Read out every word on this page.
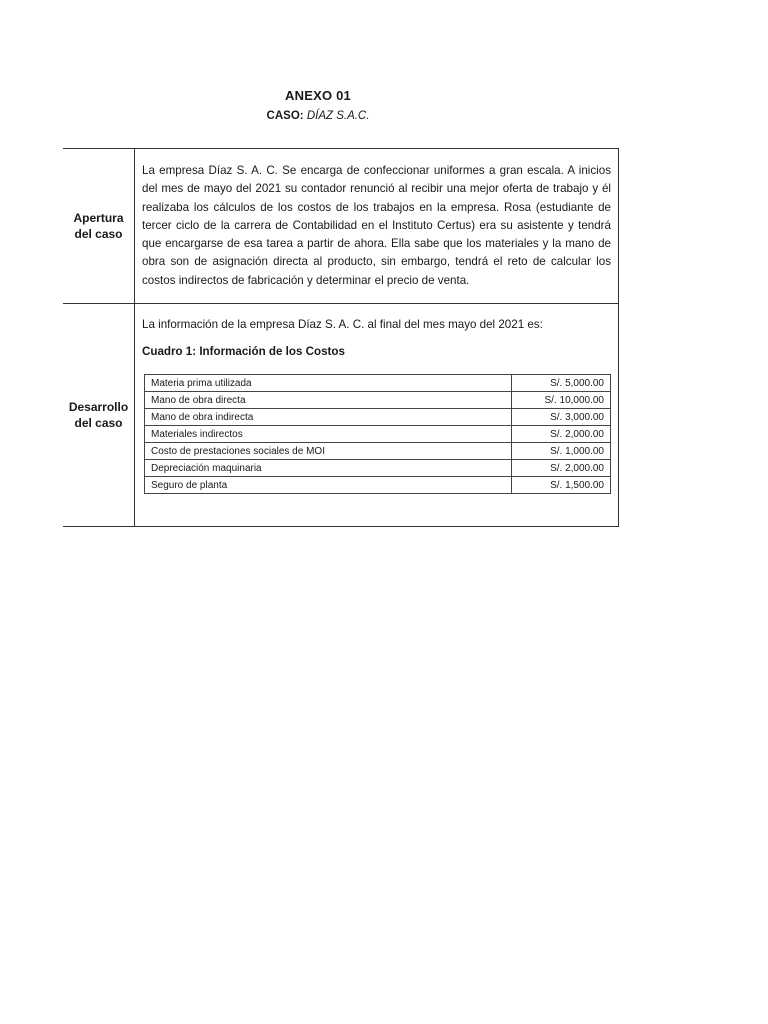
ANEXO 01
CASO: DÍAZ S.A.C.
Apertura
del caso	

La empresa Díaz S. A. C. Se encarga de confeccionar uniformes a gran escala. A inicios del mes de mayo del 2021 su contador renunció al recibir una mejor oferta de trabajo y él realizaba los cálculos de los costos de los trabajos en la empresa. Rosa (estudiante de tercer ciclo de la carrera de Contabilidad en el Instituto Certus) era su asistente y tendrá que encargarse de esa tarea a partir de ahora. Ella sabe que los materiales y la mano de obra son de asignación directa al producto, sin embargo, tendrá el reto de calcular los costos indirectos de fabricación y determinar el precio de venta.

Desarrollo
del caso	

La información de la empresa Díaz S. A. C. al final del mes mayo del 2021 es:

Cuadro 1: Información de los Costos

Materia prima utilizada	S/. 5,000.00
Mano de obra directa	S/. 10,000.00
Mano de obra indirecta	S/. 3,000.00
Materiales indirectos	S/. 2,000.00
Costo de prestaciones sociales de MOI	S/. 1,000.00
Depreciación maquinaria	S/. 2,000.00
Seguro de planta	S/. 1,500.00
